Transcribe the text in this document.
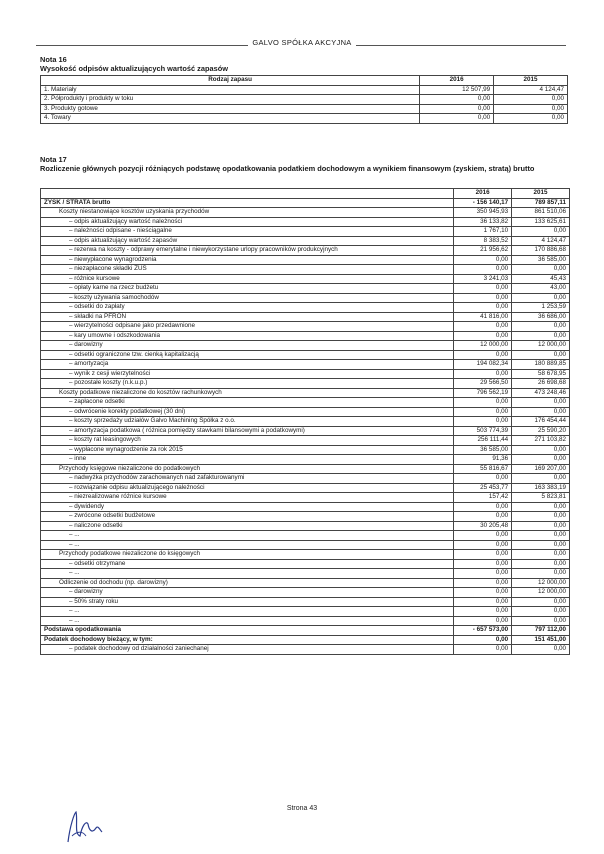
GALVO SPÓŁKA AKCYJNA
Nota 16
Wysokość odpisów aktualizujących wartość zapasów
Rodzaj zapasu	2016	2015
1. Materiały	12 507,99	4 124,47
2. Półprodukty i produkty w toku	0,00	0,00
3. Produkty gotowe	0,00	0,00
4. Towary	0,00	0,00
Nota 17
Rozliczenie głównych pozycji różniących podstawę opodatkowania podatkiem dochodowym a wynikiem finansowym (zyskiem, stratą) brutto
	2016	2015
ZYSK / STRATA brutto	- 156 140,17	789 857,11
Koszty niestanowiące kosztów uzyskania przychodów	350 945,93	861 510,06
– odpis aktualizujący wartość należności	36 133,82	133 625,61
– należności odpisane - nieściągalne	1 767,10	0,00
– odpis aktualizujący wartość zapasów	8 383,52	4 124,47
– rezerwa na koszty - odprawy emerytalne i niewykorzystane urlopy pracowników produkcyjnych	21 956,62	170 886,68
– niewypłacone wynagrodzenia	0,00	36 585,00
– niezapłacone składki ZUS	0,00	0,00
– różnice kursowe	3 241,03	45,43
– opłaty karne na rzecz budżetu	0,00	43,00
– koszty używania samochodów	0,00	0,00
– odsetki do zapłaty	0,00	1 253,59
– składki na PFRON	41 816,00	36 686,00
– wierzytelności odpisane jako przedawnione	0,00	0,00
– kary umowne i odszkodowania	0,00	0,00
– darowizny	12 000,00	12 000,00
– odsetki ograniczone tzw. cienką kapitalizacją	0,00	0,00
– amortyzacja	194 082,34	180 889,85
– wynik z cesji wierzytelności	0,00	58 678,95
– pozostałe koszty (n.k.u.p.)	29 566,50	26 698,68
Koszty podatkowe niezaliczone do kosztów rachunkowych	796 562,19	473 248,46
– zapłacone odsetki	0,00	0,00
– odwrócenie korekty podatkowej (30 dni)	0,00	0,00
– koszty sprzedaży udziałów Galvo Machining Spółka z o.o.	0,00	176 454,44
– amortyzacja podatkowa ( różnica pomiędzy stawkami bilansowymi a podatkowymi)	503 774,39	25 590,20
– koszty rat leasingowych	256 111,44	271 103,82
– wypłacone wynagrodzenie za rok 2015	36 585,00	0,00
– inne	91,36	0,00
Przychody księgowe niezaliczone do podatkowych	55 816,67	169 207,00
– nadwyżka przychodów zarachowanych nad zafakturowanymi	0,00	0,00
– rozwiązanie odpisu aktualizującego należności	25 453,77	163 383,19
– niezrealizowane różnice kursowe	157,42	5 823,81
– dywidendy	0,00	0,00
– zwrócone odsetki budżetowe	0,00	0,00
– naliczone odsetki	30 205,48	0,00
– ...	0,00	0,00
– ...	0,00	0,00
Przychody podatkowe niezaliczone do księgowych	0,00	0,00
– odsetki otrzymane	0,00	0,00
– ...	0,00	0,00
Odliczenie od dochodu (np. darowizny)	0,00	12 000,00
– darowizny	0,00	12 000,00
– 50% straty roku	0,00	0,00
– ...	0,00	0,00
– ...	0,00	0,00
Podstawa opodatkowania	- 657 573,00	797 112,00
Podatek dochodowy bieżący, w tym:	0,00	151 451,00
– podatek dochodowy od działalności zaniechanej	0,00	0,00
Strona 43
